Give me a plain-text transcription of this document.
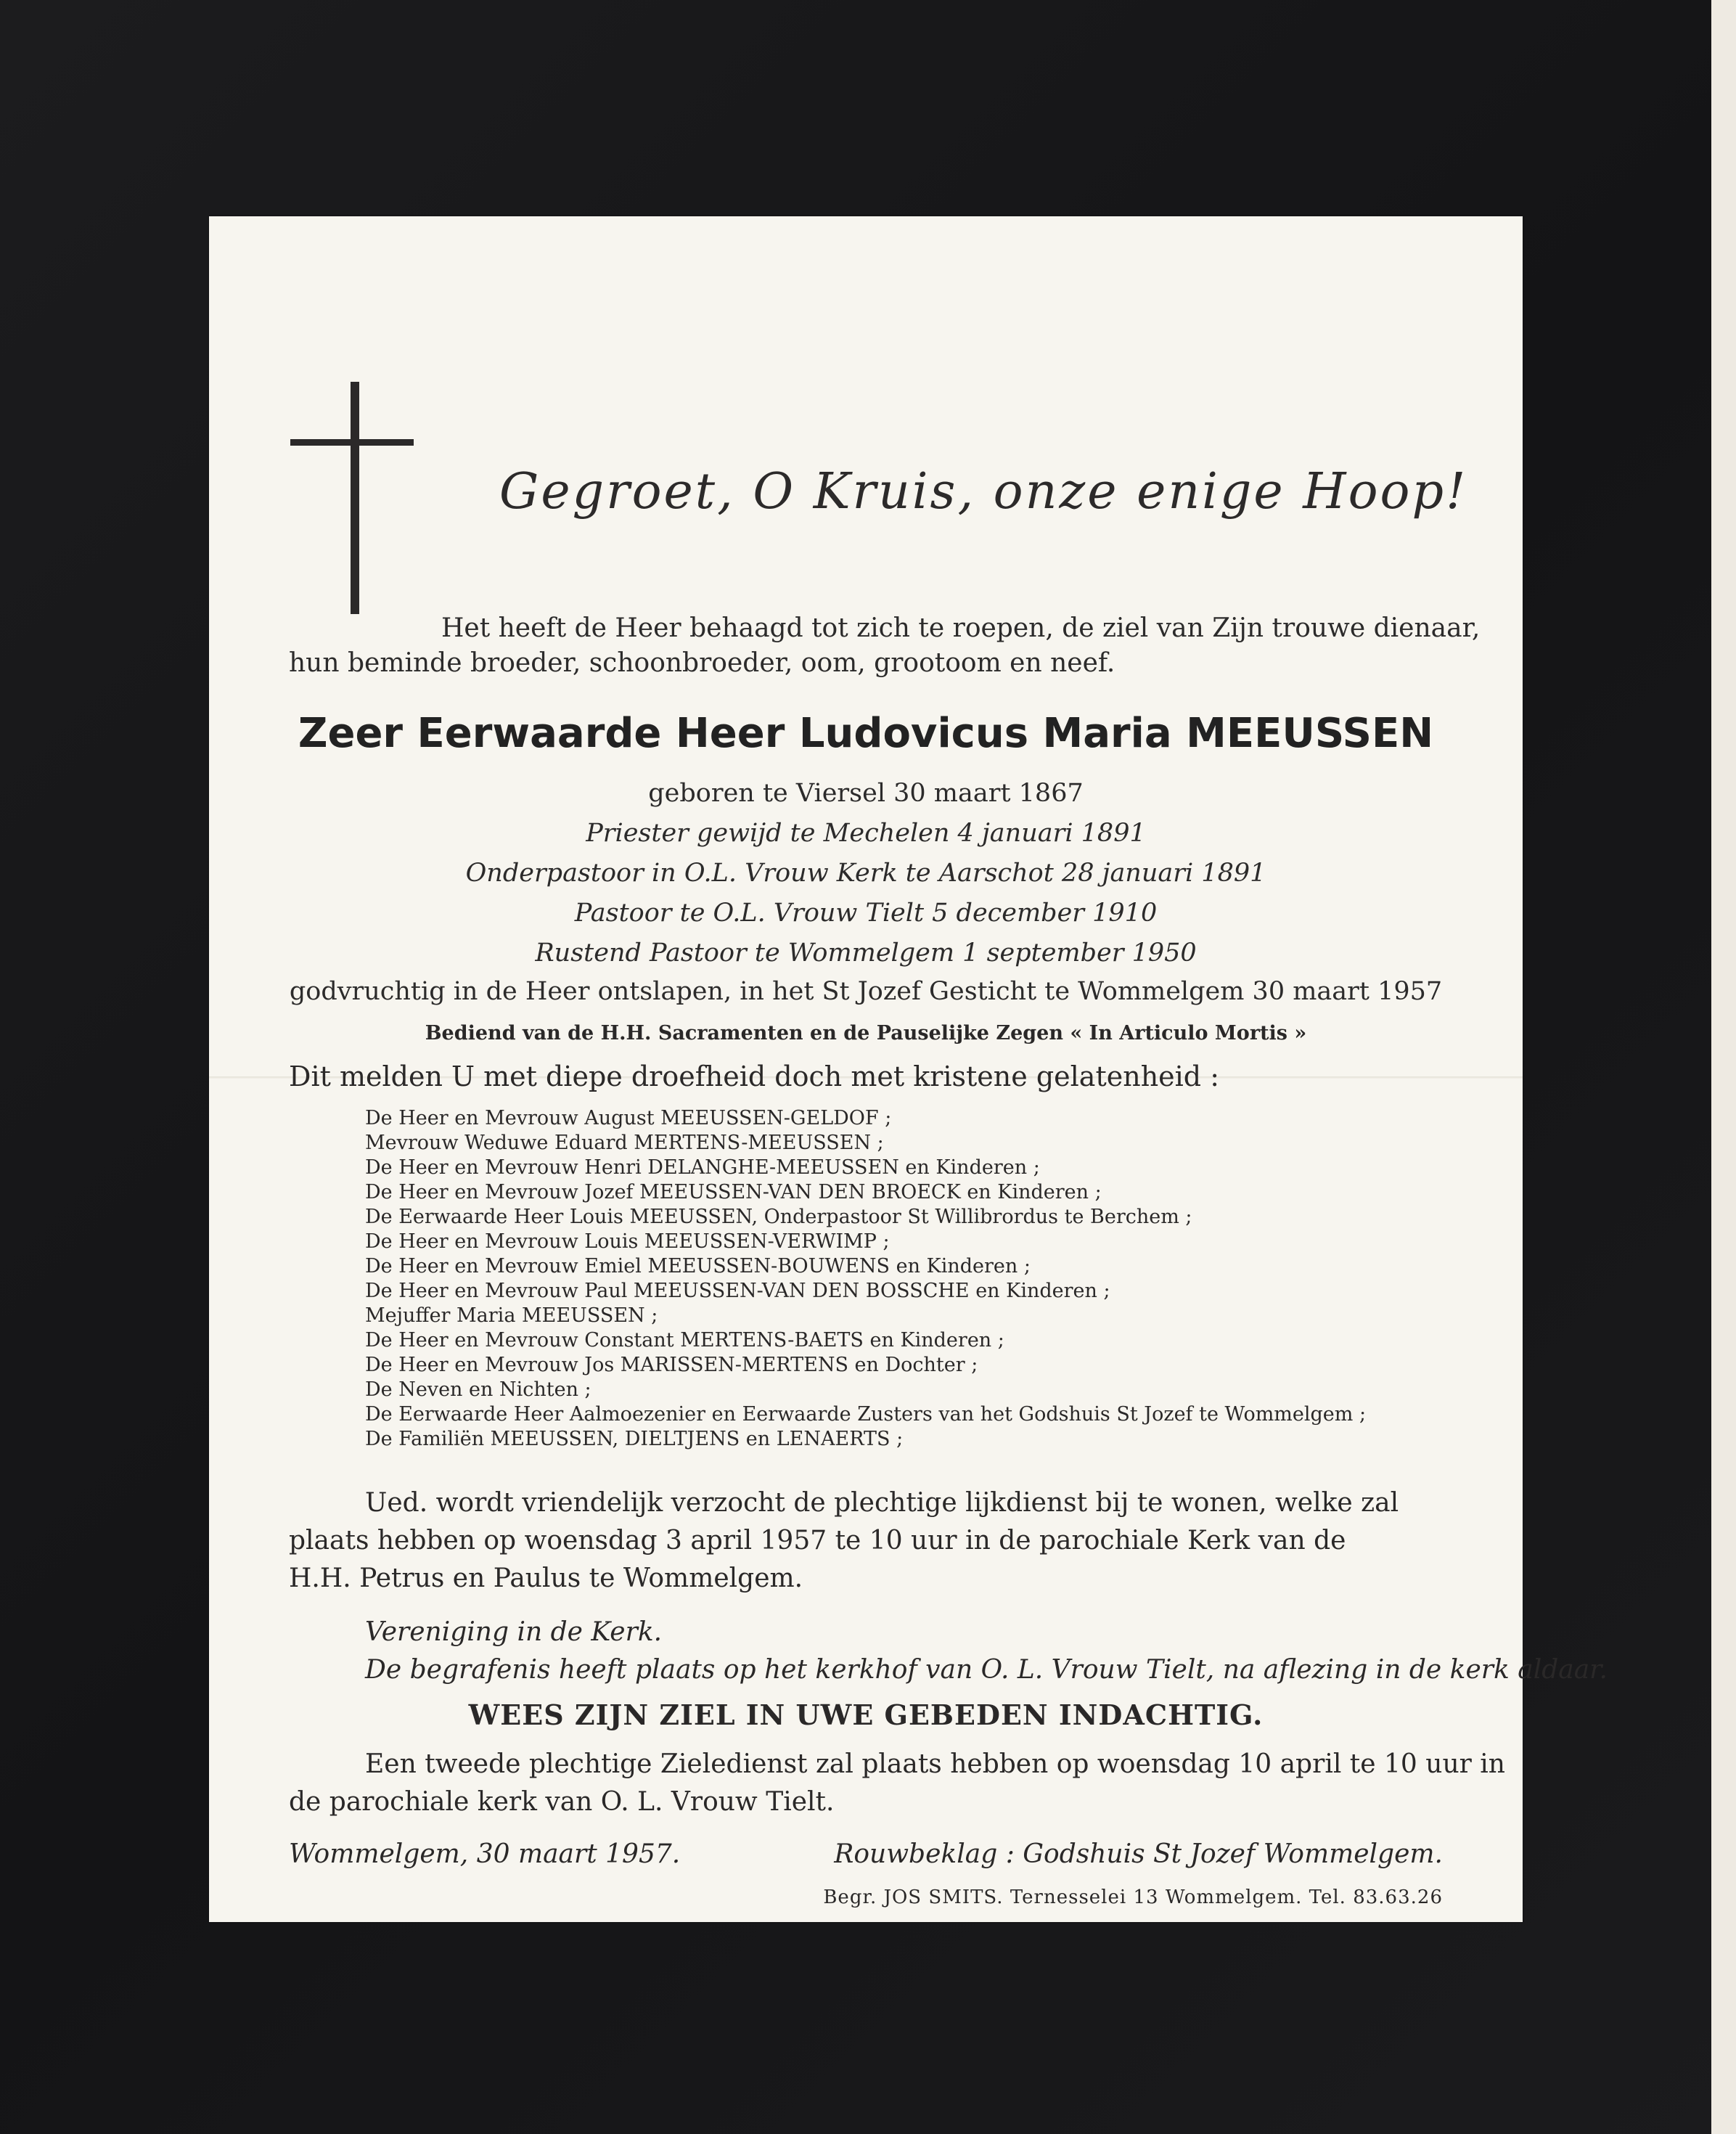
Gegroet, O Kruis, onze enige Hoop!
Het heeft de Heer behaagd tot zich te roepen, de ziel van Zijn trouwe dienaar,
hun beminde broeder, schoonbroeder, oom, grootoom en neef.
Zeer Eerwaarde Heer Ludovicus Maria MEEUSSEN
geboren te Viersel 30 maart 1867
Priester gewijd te Mechelen 4 januari 1891
Onderpastoor in O.L. Vrouw Kerk te Aarschot 28 januari 1891
Pastoor te O.L. Vrouw Tielt 5 december 1910
Rustend Pastoor te Wommelgem 1 september 1950
godvruchtig in de Heer ontslapen, in het St Jozef Gesticht te Wommelgem 30 maart 1957
Bediend van de H.H. Sacramenten en de Pauselijke Zegen « In Articulo Mortis »
Dit melden U met diepe droefheid doch met kristene gelatenheid :
De Heer en Mevrouw August MEEUSSEN-GELDOF ;
Mevrouw Weduwe Eduard MERTENS-MEEUSSEN ;
De Heer en Mevrouw Henri DELANGHE-MEEUSSEN en Kinderen ;
De Heer en Mevrouw Jozef MEEUSSEN-VAN DEN BROECK en Kinderen ;
De Eerwaarde Heer Louis MEEUSSEN, Onderpastoor St Willibrordus te Berchem ;
De Heer en Mevrouw Louis MEEUSSEN-VERWIMP ;
De Heer en Mevrouw Emiel MEEUSSEN-BOUWENS en Kinderen ;
De Heer en Mevrouw Paul MEEUSSEN-VAN DEN BOSSCHE en Kinderen ;
Mejuffer Maria MEEUSSEN ;
De Heer en Mevrouw Constant MERTENS-BAETS en Kinderen ;
De Heer en Mevrouw Jos MARISSEN-MERTENS en Dochter ;
De Neven en Nichten ;
De Eerwaarde Heer Aalmoezenier en Eerwaarde Zusters van het Godshuis St Jozef te Wommelgem ;
De Familiën MEEUSSEN, DIELTJENS en LENAERTS ;
Ued. wordt vriendelijk verzocht de plechtige lijkdienst bij te wonen, welke zal
plaats hebben op woensdag 3 april 1957 te 10 uur in de parochiale Kerk van de
H.H. Petrus en Paulus te Wommelgem.
Vereniging in de Kerk.
De begrafenis heeft plaats op het kerkhof van O. L. Vrouw Tielt, na aflezing in de kerk aldaar.
WEES ZIJN ZIEL IN UWE GEBEDEN INDACHTIG.
Een tweede plechtige Zieledienst zal plaats hebben op woensdag 10 april te 10 uur in
de parochiale kerk van O. L. Vrouw Tielt.
Wommelgem, 30 maart 1957.	Rouwbeklag : Godshuis St Jozef Wommelgem.
Begr. JOS SMITS. Ternesselei 13 Wommelgem. Tel. 83.63.26
